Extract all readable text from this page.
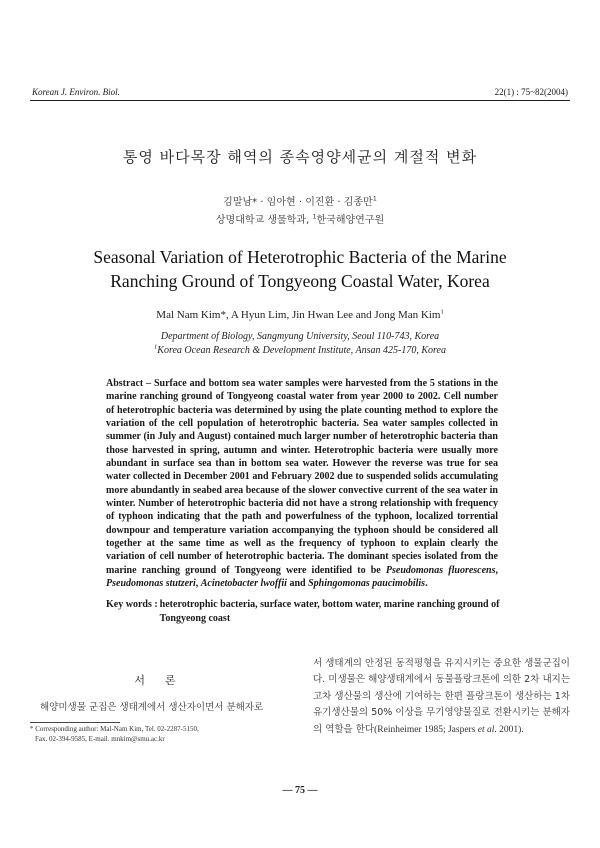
Korean J. Environ. Biol.	22(1) : 75~82(2004)
통영 바다목장 해역의 종속영양세균의 계절적 변화
김말남* · 임아현 · 이진환 · 김종만$^1$
상명대학교 생물학과, $^1$한국해양연구원
Seasonal Variation of Heterotrophic Bacteria of the Marine
Ranching Ground of Tongyeong Coastal Water, Korea
Mal Nam Kim*, A Hyun Lim, Jin Hwan Lee and Jong Man Kim$^1$
Department of Biology, Sangmyung University, Seoul 110-743, Korea
$^1$Korea Ocean Research & Development Institute, Ansan 425-170, Korea
Abstract – Surface and bottom sea water samples were harvested from the 5 stations in the marine ranching ground of Tongyeong coastal water from year 2000 to 2002. Cell number of heterotrophic bacteria was determined by using the plate counting method to explore the variation of the cell population of heterotrophic bacteria. Sea water samples collected in summer (in July and August) contained much larger number of heterotrophic bacteria than those harvested in spring, autumn and winter. Heterotrophic bacteria were usually more abundant in surface sea than in bottom sea water. However the reverse was true for sea water collected in December 2001 and February 2002 due to suspended solids accumulating more abundantly in seabed area because of the slower convective current of the sea water in winter. Number of heterotrophic bacteria did not have a strong relationship with frequency of typhoon indicating that the path and powerfulness of the typhoon, localized torrential downpour and temperature variation accompanying the typhoon should be considered all together at the same time as well as the frequency of typhoon to explain clearly the variation of cell number of heterotrophic bacteria. The dominant species isolated from the marine ranching ground of Tongyeong were identified to be Pseudomonas fluorescens, Pseudomonas stutzeri, Acinetobacter lwoffii and Sphingomonas paucimobilis.
Key words : heterotrophic bacteria, surface water, bottom water, marine ranching ground of Tongyeong coast
서론
해양미생물 군집은 생태계에서 생산자이면서 분해자로
* Corresponding author: Mal-Nam Kim, Tel. 02-2287-5150,
Fax. 02-394-9585, E-mail. mnkim@smu.ac.kr
서 생태계의 안정된 동적평형을 유지시키는 중요한 생물군집이다. 미생물은 해양생태계에서 동물플랑크톤에 의한 2차 내지는 고차 생산물의 생산에 기여하는 한편 플랑크톤이 생산하는 1차 유기생산물의 50% 이상을 무기영양물질로 전환시키는 분해자의 역할을 한다(Reinheimer 1985; Jaspers et al. 2001).
— 75 —
